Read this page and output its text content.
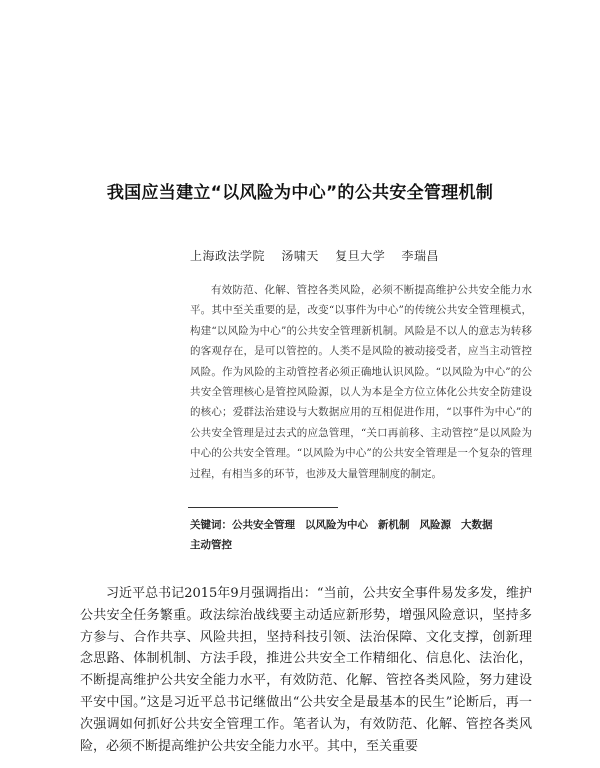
我国应当建立“以风险为中心”的公共安全管理机制
上海政法学院 汤啸天 复旦大学 李瑞昌
有效防范、化解、管控各类风险，必须不断提高维护公共安全能力水平。其中至关重要的是，改变“以事件为中心”的传统公共安全管理模式，构建“以风险为中心”的公共安全管理新机制。风险是不以人的意志为转移的客观存在，是可以管控的。人类不是风险的被动接受者，应当主动管控风险。作为风险的主动管控者必须正确地认识风险。“以风险为中心”的公共安全管理核心是管控风险源，以人为本是全方位立体化公共安全防建设的核心；爱群法治建设与大数据应用的互相促进作用，“以事件为中心”的公共安全管理是过去式的应急管理，“关口再前移、主动管控”是以风险为中心的公共安全管理。“以风险为中心”的公共安全管理是一个复杂的管理过程，有相当多的环节，也涉及大量管理制度的制定。
关键词：公共安全管理 以风险为中心 新机制 风险源 大数据
主动管控
习近平总书记2015年9月强调指出：“当前，公共安全事件易发多发，维护公共安全任务繁重。政法综治战线要主动适应新形势，增强风险意识，坚持多方参与、合作共享、风险共担，坚持科技引领、法治保障、文化支撑，创新理念思路、体制机制、方法手段，推进公共安全工作精细化、信息化、法治化，不断提高维护公共安全能力水平，有效防范、化解、管控各类风险，努力建设平安中国。”这是习近平总书记继做出“公共安全是最基本的民生”论断后，再一次强调如何抓好公共安全管理工作。笔者认为，有效防范、化解、管控各类风险，必须不断提高维护公共安全能力水平。其中，至关重要
